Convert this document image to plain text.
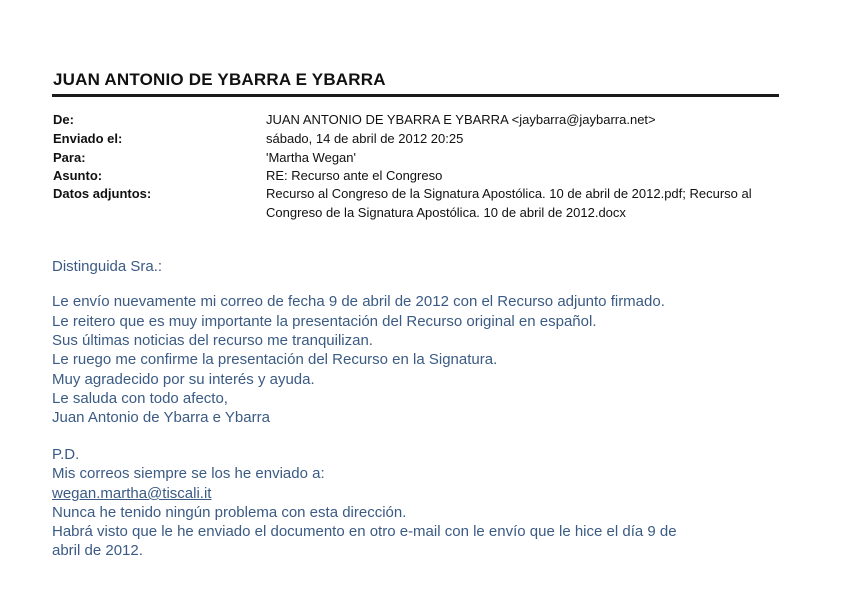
JUAN ANTONIO DE YBARRA E YBARRA
De:	JUAN ANTONIO DE YBARRA E YBARRA <jaybarra@jaybarra.net>
Enviado el:	sábado, 14 de abril de 2012 20:25
Para:	'Martha Wegan'
Asunto:	RE: Recurso ante el Congreso
Datos adjuntos:	Recurso al Congreso de la Signatura Apostólica. 10 de abril de 2012.pdf; Recurso al Congreso de la Signatura Apostólica. 10 de abril de 2012.docx
Distinguida Sra.:
Le envío nuevamente mi correo de fecha 9 de abril de 2012 con el Recurso adjunto firmado.
Le reitero que es muy importante la presentación del Recurso original en español.
Sus últimas noticias del recurso me tranquilizan.
Le ruego me confirme la presentación del Recurso en la Signatura.
Muy agradecido por su interés y ayuda.
Le saluda con todo afecto,
Juan Antonio de Ybarra e Ybarra
P.D.
Mis correos siempre se los he enviado a:
wegan.martha@tiscali.it
Nunca he tenido ningún problema con esta dirección.
Habrá visto que le he enviado el documento en otro e-mail con le envío que le hice el día 9 de
abril de 2012.
